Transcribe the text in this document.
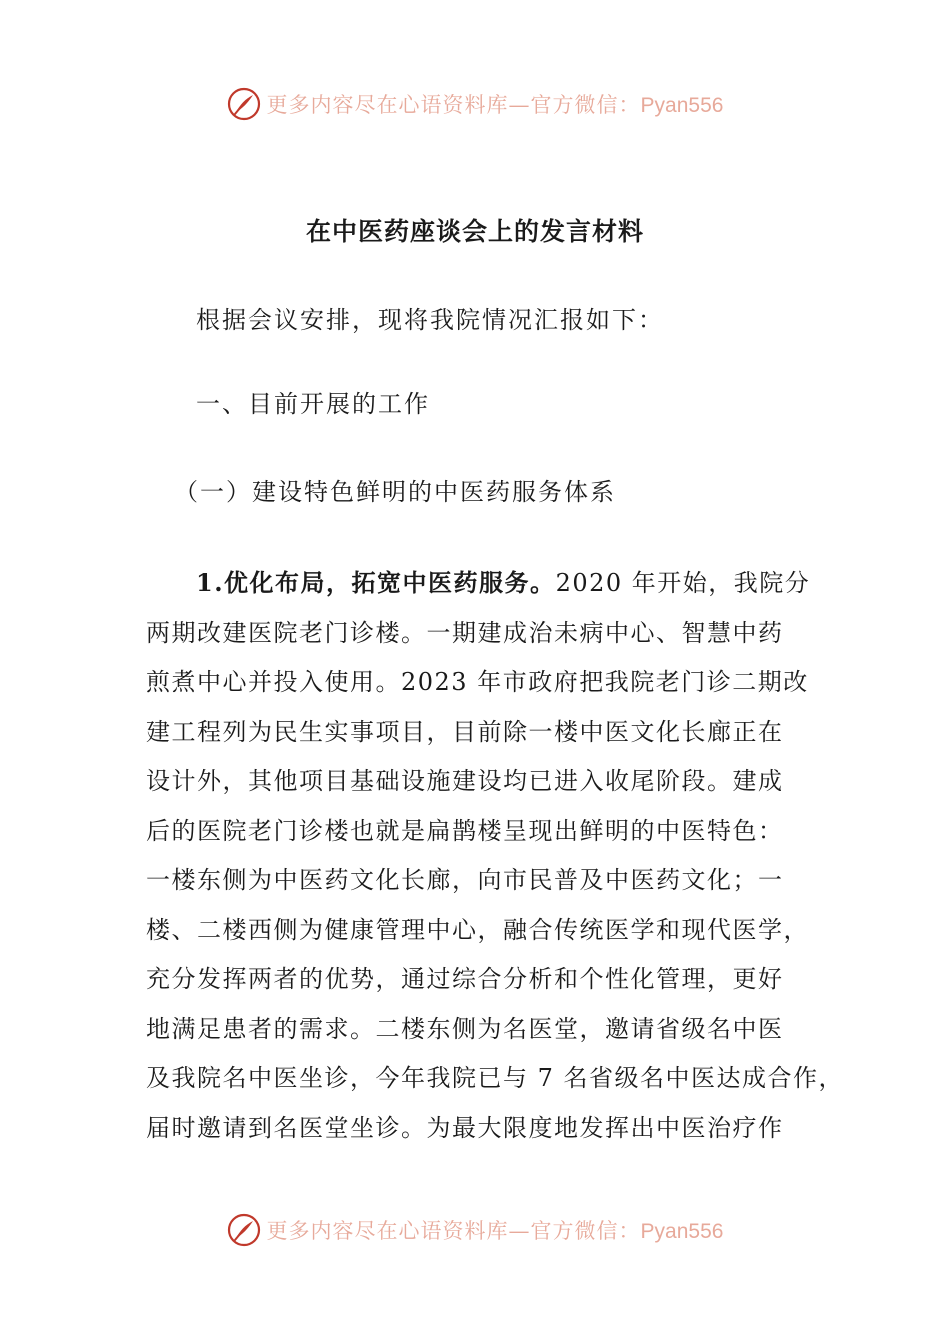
更多内容尽在心语资料库—官方微信：Pyan556
在中医药座谈会上的发言材料

根据会议安排，现将我院情况汇报如下：

一、目前开展的工作

（一）建设特色鲜明的中医药服务体系

1.优化布局，拓宽中医药服务。2020 年开始，我院分
两期改建医院老门诊楼。一期建成治未病中心、智慧中药
煎煮中心并投入使用。2023 年市政府把我院老门诊二期改
建工程列为民生实事项目，目前除一楼中医文化长廊正在
设计外，其他项目基础设施建设均已进入收尾阶段。建成
后的医院老门诊楼也就是扁鹊楼呈现出鲜明的中医特色：
一楼东侧为中医药文化长廊，向市民普及中医药文化；一
楼、二楼西侧为健康管理中心，融合传统医学和现代医学，
充分发挥两者的优势，通过综合分析和个性化管理，更好
地满足患者的需求。二楼东侧为名医堂，邀请省级名中医
及我院名中医坐诊，今年我院已与 7 名省级名中医达成合作，
届时邀请到名医堂坐诊。为最大限度地发挥出中医治疗作
更多内容尽在心语资料库—官方微信：Pyan556
